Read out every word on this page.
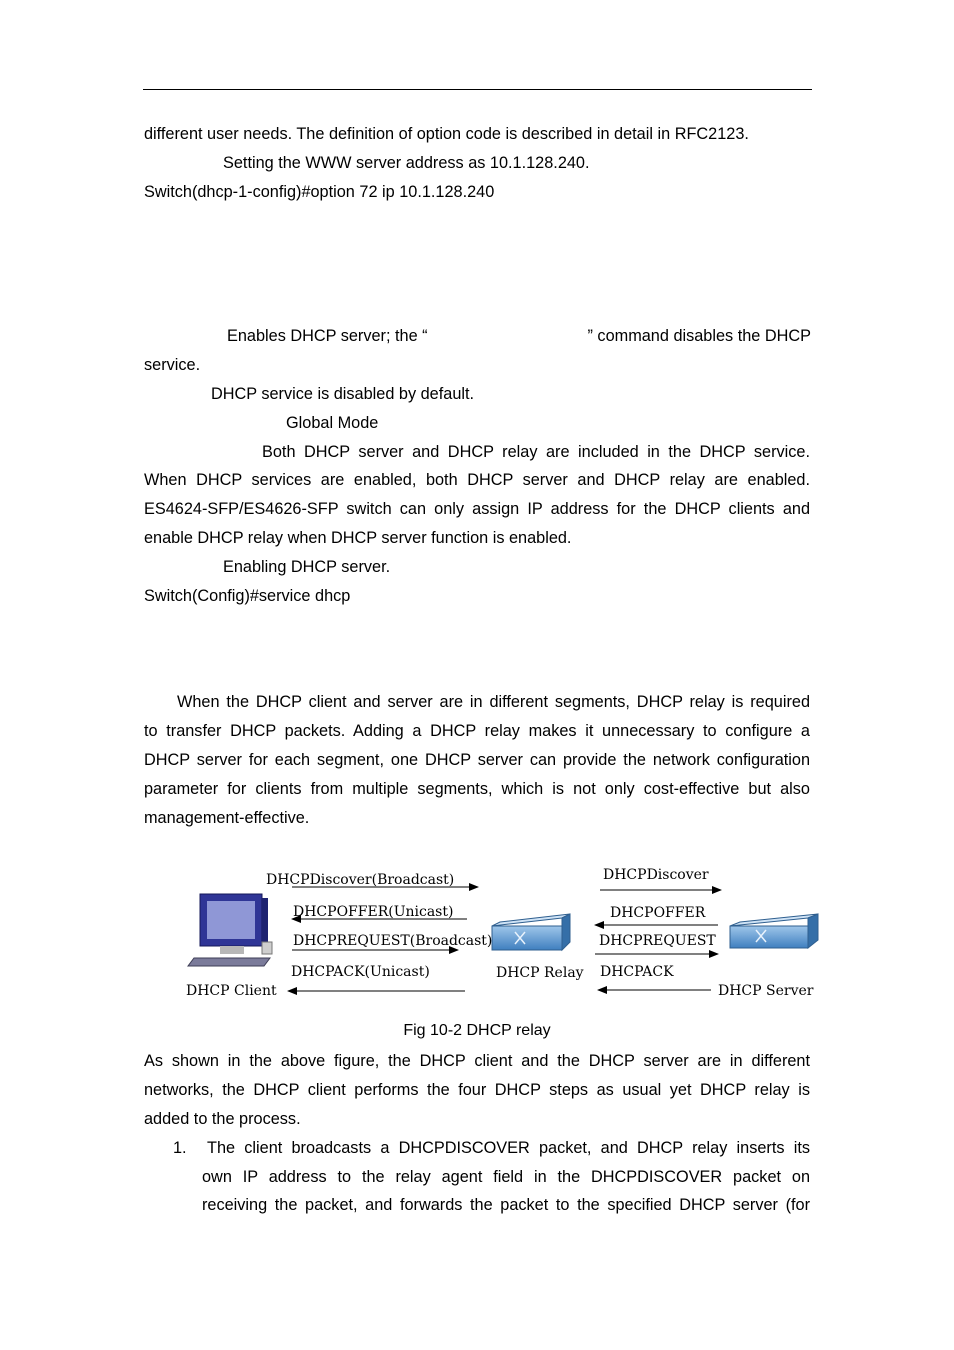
different user needs. The definition of option code is described in detail in RFC2123.
Setting the WWW server address as 10.1.128.240.
Switch(dhcp-1-config)#option 72 ip 10.1.128.240
Enables DHCP server; the “	” command disables the DHCP
service.
DHCP service is disabled by default.
Global Mode
Both DHCP server and DHCP relay are included in the DHCP service.
When DHCP services are enabled, both DHCP server and DHCP relay are enabled.
ES4624-SFP/ES4626-SFP switch can only assign IP address for the DHCP clients and
enable DHCP relay when DHCP server function is enabled.
Enabling DHCP server.
Switch(Config)#service dhcp
When the DHCP client and server are in different segments, DHCP relay is required
to transfer DHCP packets. Adding a DHCP relay makes it unnecessary to configure a
DHCP server for each segment, one DHCP server can provide the network configuration
parameter for clients from multiple segments, which is not only cost-effective but also
management-effective.
DHCPDiscover(Broadcast)
DHCPOFFER(Unicast)
DHCPREQUEST(Broadcast)
DHCPACK(Unicast)
DHCPDiscover
DHCPOFFER
DHCPREQUEST
DHCPACK
DHCP Client
DHCP Relay
DHCP Server
Fig 10-2 DHCP relay
As shown in the above figure, the DHCP client and the DHCP server are in different
networks, the DHCP client performs the four DHCP steps as usual yet DHCP relay is
added to the process.
1.	The client broadcasts a DHCPDISCOVER packet, and DHCP relay inserts its
own IP address to the relay agent field in the DHCPDISCOVER packet on
receiving the packet, and forwards the packet to the specified DHCP server (for
